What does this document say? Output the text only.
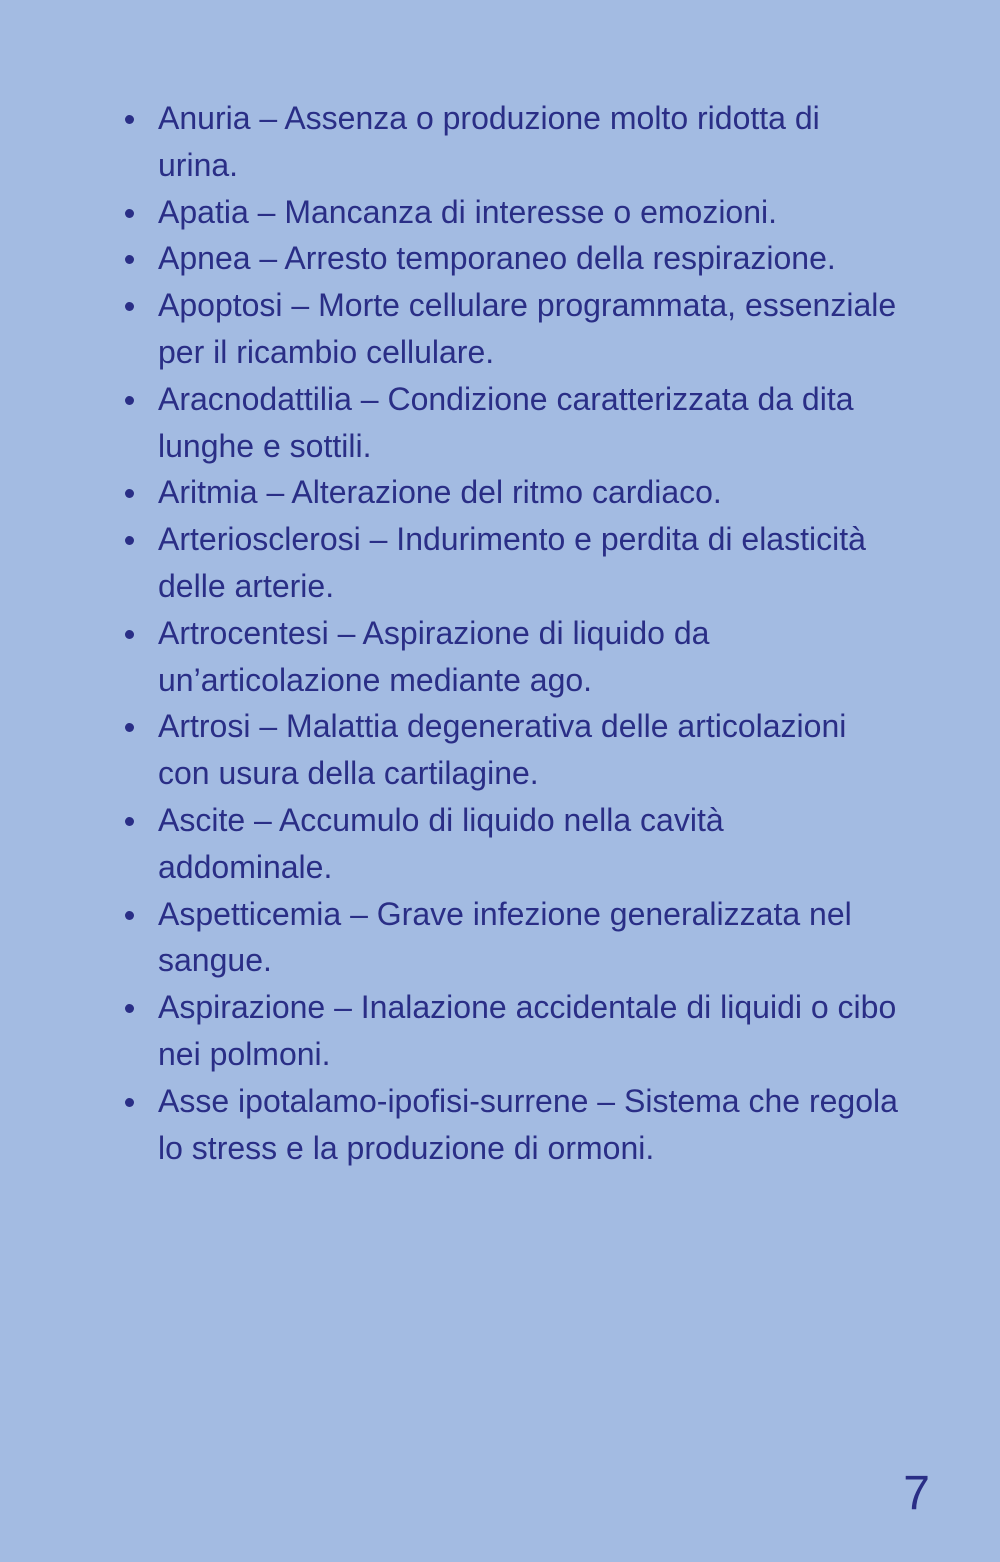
Anuria – Assenza o produzione molto ridotta di urina.
Apatia – Mancanza di interesse o emozioni.
Apnea – Arresto temporaneo della respirazione.
Apoptosi – Morte cellulare programmata, essenziale per il ricambio cellulare.
Aracnodattilia – Condizione caratterizzata da dita lunghe e sottili.
Aritmia – Alterazione del ritmo cardiaco.
Arteriosclerosi – Indurimento e perdita di elasticità delle arterie.
Artrocentesi – Aspirazione di liquido da un’articolazione mediante ago.
Artrosi – Malattia degenerativa delle articolazioni con usura della cartilagine.
Ascite – Accumulo di liquido nella cavità addominale.
Aspetticemia – Grave infezione generalizzata nel sangue.
Aspirazione – Inalazione accidentale di liquidi o cibo nei polmoni.
Asse ipotalamo-ipofisi-surrene – Sistema che regola lo stress e la produzione di ormoni.
7
